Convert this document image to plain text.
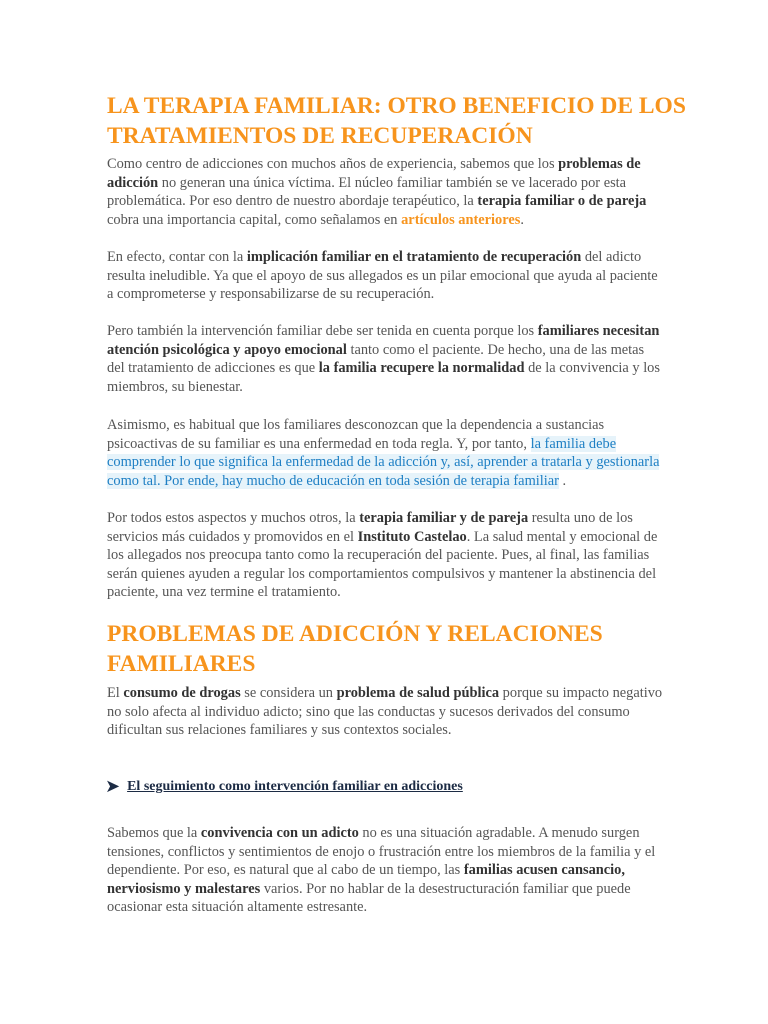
LA TERAPIA FAMILIAR: OTRO BENEFICIO DE LOS TRATAMIENTOS DE RECUPERACIÓN

Como centro de adicciones con muchos años de experiencia, sabemos que los problemas de adicción no generan una única víctima. El núcleo familiar también se ve lacerado por esta problemática. Por eso dentro de nuestro abordaje terapéutico, la terapia familiar o de pareja cobra una importancia capital, como señalamos en artículos anteriores.

En efecto, contar con la implicación familiar en el tratamiento de recuperación del adicto resulta ineludible. Ya que el apoyo de sus allegados es un pilar emocional que ayuda al paciente a comprometerse y responsabilizarse de su recuperación.

Pero también la intervención familiar debe ser tenida en cuenta porque los familiares necesitan atención psicológica y apoyo emocional tanto como el paciente. De hecho, una de las metas del tratamiento de adicciones es que la familia recupere la normalidad de la convivencia y los miembros, su bienestar.

Asimismo, es habitual que los familiares desconozcan que la dependencia a sustancias psicoactivas de su familiar es una enfermedad en toda regla. Y, por tanto, la familia debe comprender lo que significa la enfermedad de la adicción y, así, aprender a tratarla y gestionarla como tal. Por ende, hay mucho de educación en toda sesión de terapia familiar .

Por todos estos aspectos y muchos otros, la terapia familiar y de pareja resulta uno de los servicios más cuidados y promovidos en el Instituto Castelao. La salud mental y emocional de los allegados nos preocupa tanto como la recuperación del paciente. Pues, al final, las familias serán quienes ayuden a regular los comportamientos compulsivos y mantener la abstinencia del paciente, una vez termine el tratamiento.

PROBLEMAS DE ADICCIÓN Y RELACIONES FAMILIARES

El consumo de drogas se considera un problema de salud pública porque su impacto negativo no solo afecta al individuo adicto; sino que las conductas y sucesos derivados del consumo dificultan sus relaciones familiares y sus contextos sociales.

➤ El seguimiento como intervención familiar en adicciones

Sabemos que la convivencia con un adicto no es una situación agradable. A menudo surgen tensiones, conflictos y sentimientos de enojo o frustración entre los miembros de la familia y el dependiente. Por eso, es natural que al cabo de un tiempo, las familias acusen cansancio, nerviosismo y malestares varios. Por no hablar de la desestructuración familiar que puede ocasionar esta situación altamente estresante.
